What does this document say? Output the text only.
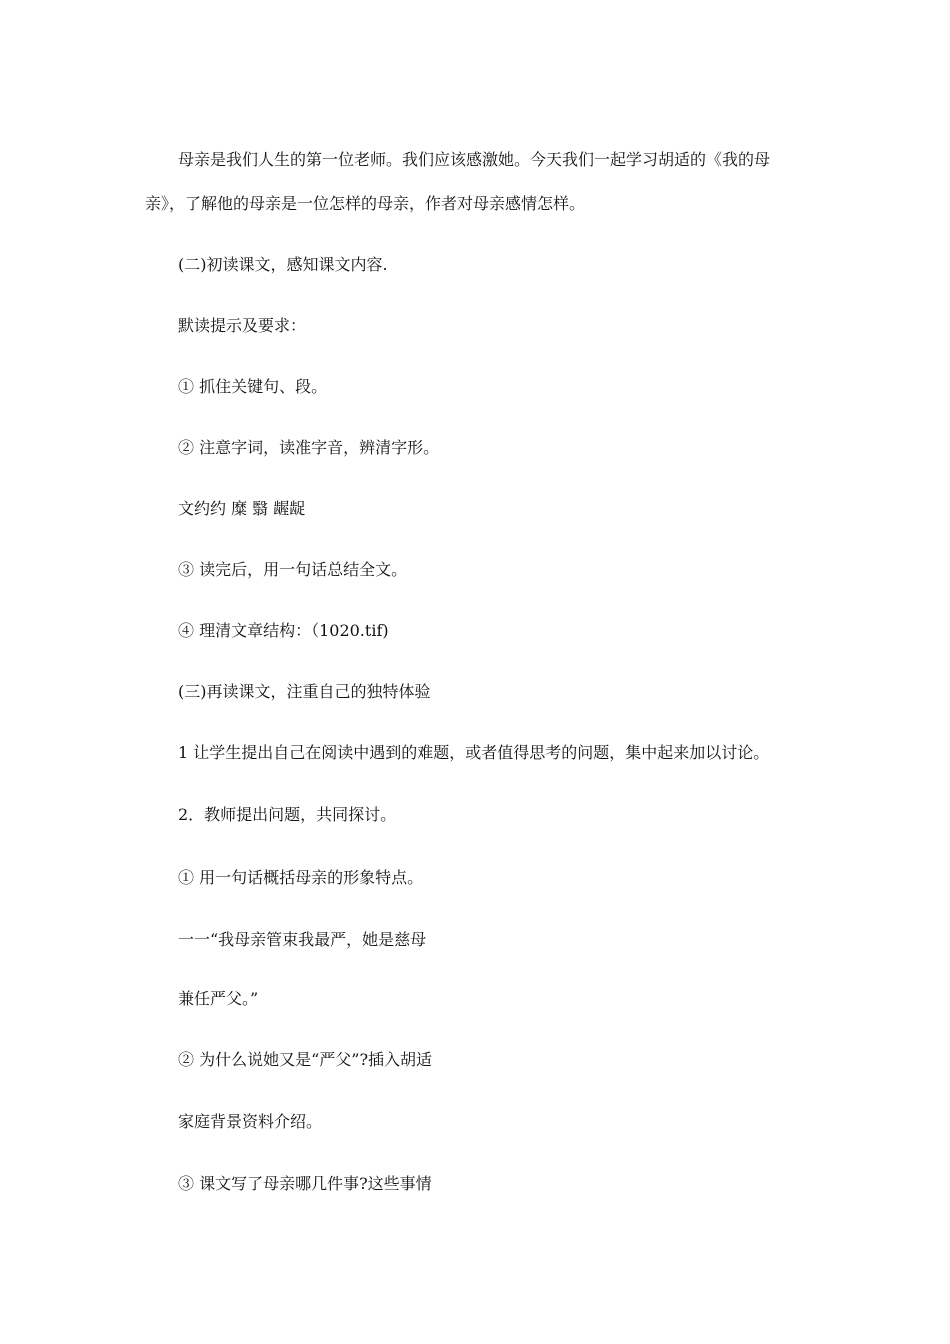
母亲是我们人生的第一位老师。我们应该感激她。今天我们一起学习胡适的《我的母

亲》，了解他的母亲是一位怎样的母亲，作者对母亲感情怎样。

(二)初读课文，感知课文内容.

默读提示及要求：

① 抓住关键句、段。

② 注意字词，读准字音，辨清字形。

文约约 糜 翳 龌龊

③ 读完后，用一句话总结全文。

④ 理清文章结构：（1020.tif)

(三)再读课文，注重自己的独特体验

1 让学生提出自己在阅读中遇到的难题，或者值得思考的问题，集中起来加以讨论。

2．教师提出问题，共同探讨。

① 用一句话概括母亲的形象特点。

一一“我母亲管束我最严，她是慈母

兼任严父。”

② 为什么说她又是“严父”?插入胡适

家庭背景资料介绍。

③ 课文写了母亲哪几件事?这些事情
